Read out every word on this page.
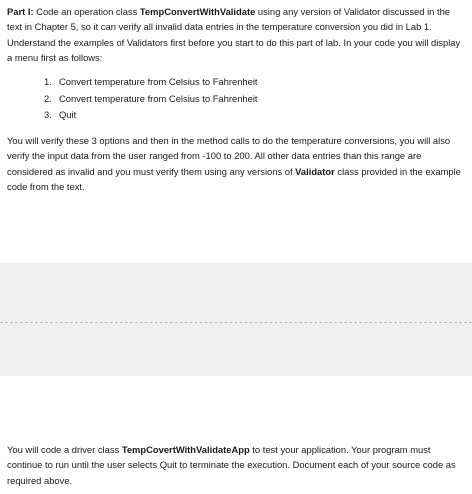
Part I: Code an operation class TempConvertWithValidate using any version of Validator discussed in the text in Chapter 5, so it can verify all invalid data entries in the temperature conversion you did in Lab 1. Understand the examples of Validators first before you start to do this part of lab. In your code you will display a menu first as follows:

1. Convert temperature from Celsius to Fahrenheit
2. Convert temperature from Celsius to Fahrenheit
3. Quit

You will verify these 3 options and then in the method calls to do the temperature conversions, you will also verify the input data from the user ranged from -100 to 200. All other data entries than this range are considered as invalid and you must verify them using any versions of Validator class provided in the example code from the text.

You will code a driver class TempCovertWithValidateApp to test your application. Your program must continue to run until the user selects Quit to terminate the execution. Document each of your source code as required above.
